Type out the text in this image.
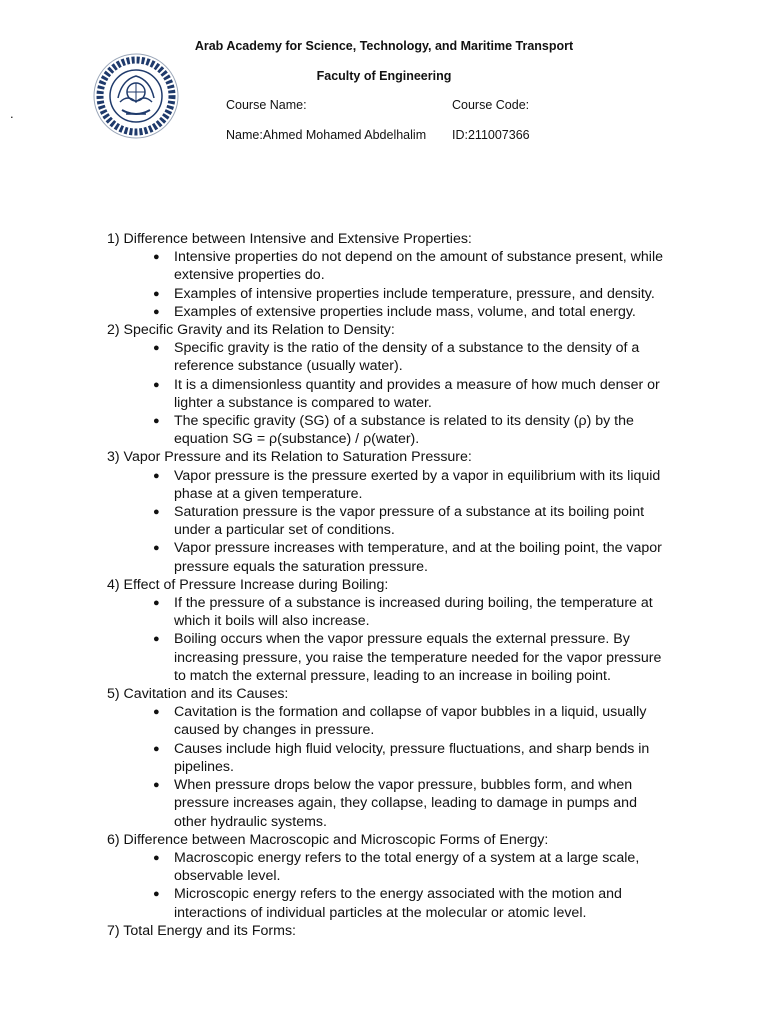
.
Arab Academy for Science, Technology, and Maritime Transport
Faculty of Engineering
Course Name:	Course Code:
Name:Ahmed Mohamed Abdelhalim ID:211007366

1) Difference between Intensive and Extensive Properties:

● Intensive properties do not depend on the amount of substance present, while extensive properties do.
● Examples of intensive properties include temperature, pressure, and density.
● Examples of extensive properties include mass, volume, and total energy.

2) Specific Gravity and its Relation to Density:

● Specific gravity is the ratio of the density of a substance to the density of a reference substance (usually water).
● It is a dimensionless quantity and provides a measure of how much denser or lighter a substance is compared to water.
● The specific gravity (SG) of a substance is related to its density (ρ) by the equation SG = ρ(substance) / ρ(water).

3) Vapor Pressure and its Relation to Saturation Pressure:

● Vapor pressure is the pressure exerted by a vapor in equilibrium with its liquid phase at a given temperature.
● Saturation pressure is the vapor pressure of a substance at its boiling point under a particular set of conditions.
● Vapor pressure increases with temperature, and at the boiling point, the vapor pressure equals the saturation pressure.

4) Effect of Pressure Increase during Boiling:

● If the pressure of a substance is increased during boiling, the temperature at which it boils will also increase.
● Boiling occurs when the vapor pressure equals the external pressure. By increasing pressure, you raise the temperature needed for the vapor pressure to match the external pressure, leading to an increase in boiling point.

5) Cavitation and its Causes:

● Cavitation is the formation and collapse of vapor bubbles in a liquid, usually caused by changes in pressure.
● Causes include high fluid velocity, pressure fluctuations, and sharp bends in pipelines.
● When pressure drops below the vapor pressure, bubbles form, and when pressure increases again, they collapse, leading to damage in pumps and other hydraulic systems.

6) Difference between Macroscopic and Microscopic Forms of Energy:

● Macroscopic energy refers to the total energy of a system at a large scale, observable level.
● Microscopic energy refers to the energy associated with the motion and interactions of individual particles at the molecular or atomic level.

7) Total Energy and its Forms:
